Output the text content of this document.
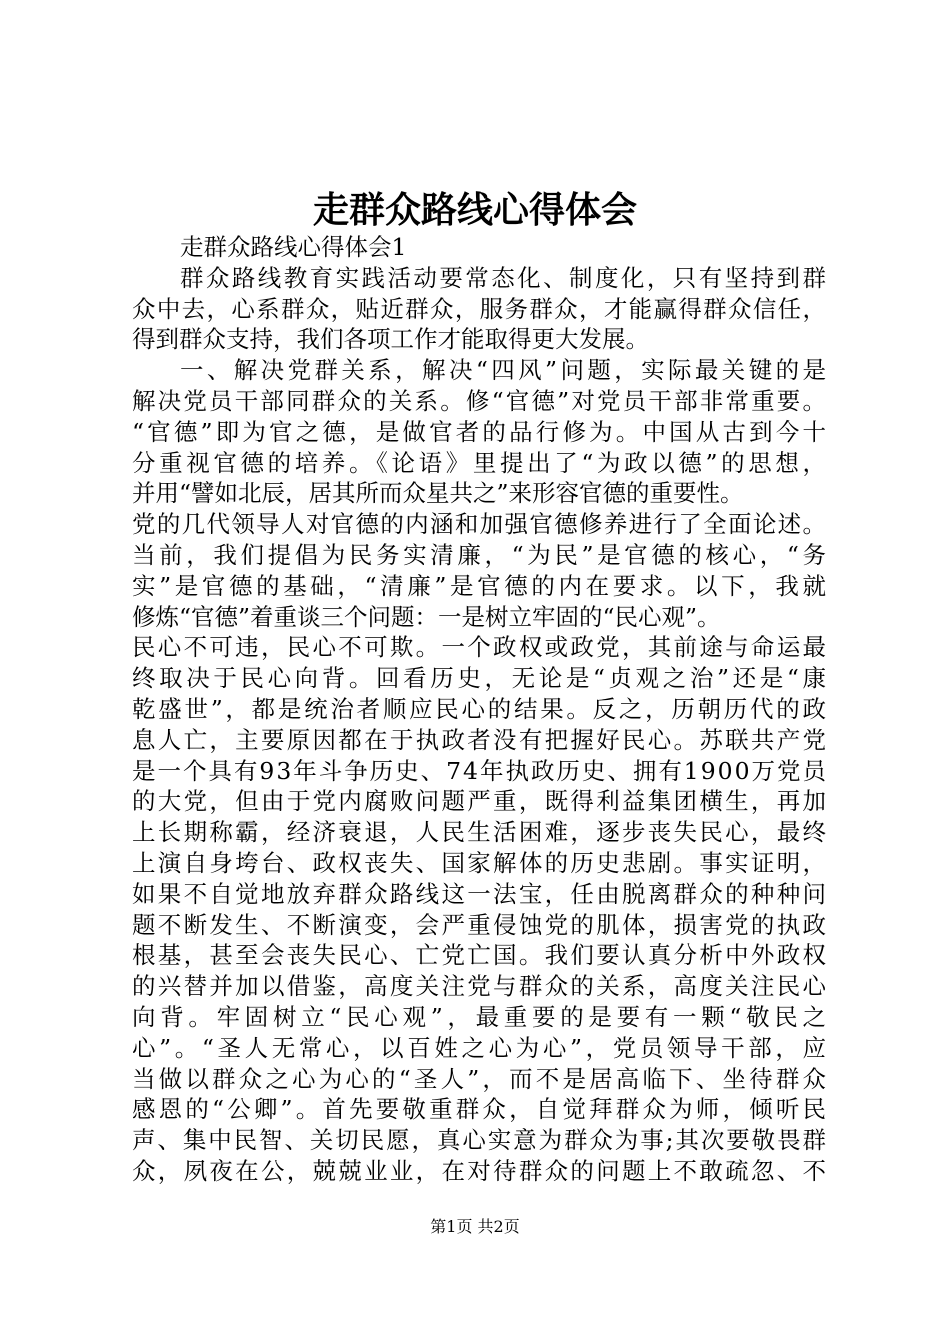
走群众路线心得体会
走群众路线心得体会1
群众路线教育实践活动要常态化、制度化，只有坚持到群
众中去，心系群众，贴近群众，服务群众，才能赢得群众信任，
得到群众支持，我们各项工作才能取得更大发展。
一、解决党群关系，解决“四风”问题，实际最关键的是
解决党员干部同群众的关系。修“官德”对党员干部非常重要。
“官德”即为官之德，是做官者的品行修为。中国从古到今十
分重视官德的培养。《论语》里提出了“为政以德”的思想，
并用“譬如北辰，居其所而众星共之”来形容官德的重要性。
党的几代领导人对官德的内涵和加强官德修养进行了全面论述。
当前，我们提倡为民务实清廉，“为民”是官德的核心，“务
实”是官德的基础，“清廉”是官德的内在要求。以下，我就
修炼“官德”着重谈三个问题：一是树立牢固的“民心观”。
民心不可违，民心不可欺。一个政权或政党，其前途与命运最
终取决于民心向背。回看历史，无论是“贞观之治”还是“康
乾盛世”，都是统治者顺应民心的结果。反之，历朝历代的政
息人亡，主要原因都在于执政者没有把握好民心。苏联共产党
是一个具有93年斗争历史、74年执政历史、拥有1900万党员
的大党，但由于党内腐败问题严重，既得利益集团横生，再加
上长期称霸，经济衰退，人民生活困难，逐步丧失民心，最终
上演自身垮台、政权丧失、国家解体的历史悲剧。事实证明，
如果不自觉地放弃群众路线这一法宝，任由脱离群众的种种问
题不断发生、不断演变，会严重侵蚀党的肌体，损害党的执政
根基，甚至会丧失民心、亡党亡国。我们要认真分析中外政权
的兴替并加以借鉴，高度关注党与群众的关系，高度关注民心
向背。牢固树立“民心观”，最重要的是要有一颗“敬民之
心”。“圣人无常心，以百姓之心为心”，党员领导干部，应
当做以群众之心为心的“圣人”，而不是居高临下、坐待群众
感恩的“公卿”。首先要敬重群众，自觉拜群众为师，倾听民
声、集中民智、关切民愿，真心实意为群众为事;其次要敬畏群
众，夙夜在公，兢兢业业，在对待群众的问题上不敢疏忽、不
第1页 共2页
